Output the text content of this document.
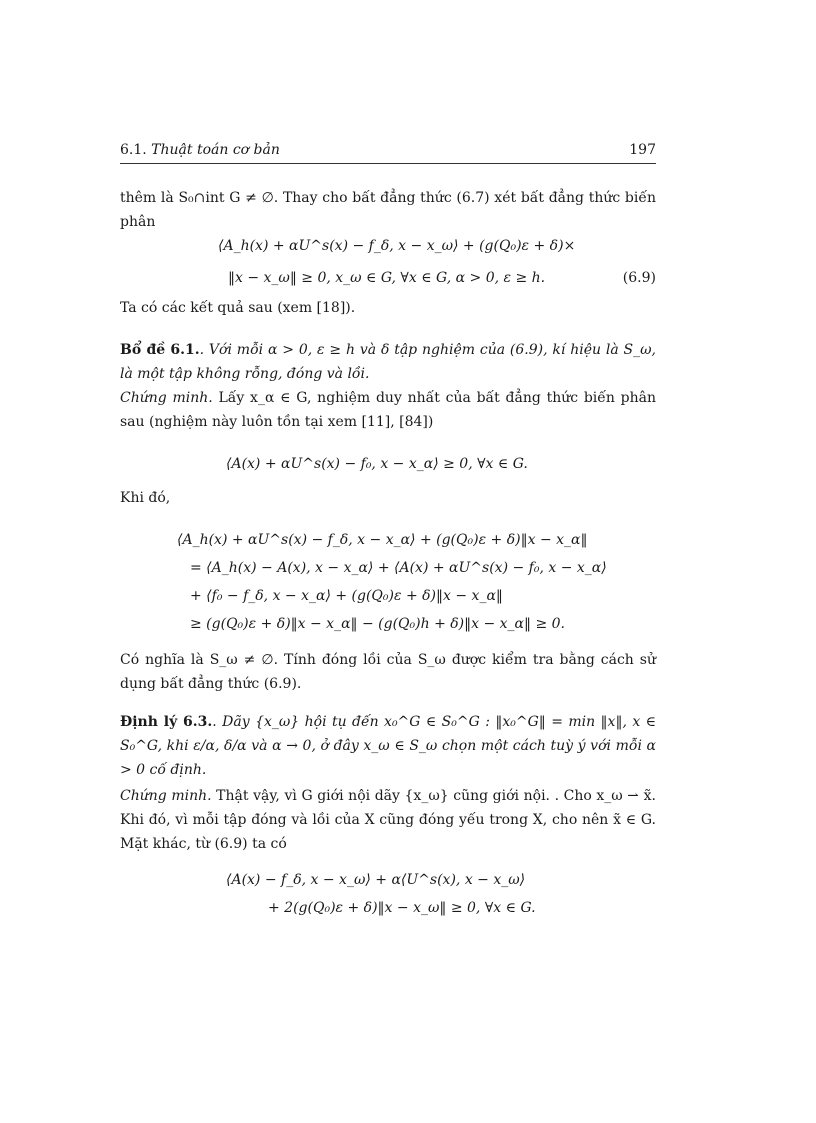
6.1. Thuật toán cơ bản	197

thêm là S₀∩int G ≠ ∅. Thay cho bất đẳng thức (6.7) xét bất đẳng thức biến phân

⟨A_h(x) + αU^s(x) − f_δ, x − x_ω⟩ + (g(Q₀)ε + δ)×
‖x − x_ω‖ ≥ 0, x_ω ∈ G, ∀x ∈ G, α > 0, ε ≥ h.	(6.9)

Ta có các kết quả sau (xem [18]).

Bổ đề 6.1.. Với mỗi α > 0, ε ≥ h và δ tập nghiệm của (6.9), kí hiệu là S_ω, là một tập không rỗng, đóng và lồi.

Chứng minh. Lấy x_α ∈ G, nghiệm duy nhất của bất đẳng thức biến phân sau (nghiệm này luôn tồn tại xem [11], [84])

⟨A(x) + αU^s(x) − f₀, x − x_α⟩ ≥ 0, ∀x ∈ G.

Khi đó,

⟨A_h(x) + αU^s(x) − f_δ, x − x_α⟩ + (g(Q₀)ε + δ)‖x − x_α‖
= ⟨A_h(x) − A(x), x − x_α⟩ + ⟨A(x) + αU^s(x) − f₀, x − x_α⟩
+ ⟨f₀ − f_δ, x − x_α⟩ + (g(Q₀)ε + δ)‖x − x_α‖
≥ (g(Q₀)ε + δ)‖x − x_α‖ − (g(Q₀)h + δ)‖x − x_α‖ ≥ 0.

Có nghĩa là S_ω ≠ ∅. Tính đóng lồi của S_ω được kiểm tra bằng cách sử dụng bất đẳng thức (6.9).

Định lý 6.3.. Dãy {x_ω} hội tụ đến x₀^G ∈ S₀^G : ‖x₀^G‖ = min ‖x‖, x ∈ S₀^G, khi ε/α, δ/α và α → 0, ở đây x_ω ∈ S_ω chọn một cách tuỳ ý với mỗi α > 0 cố định.

Chứng minh. Thật vậy, vì G giới nội dãy {x_ω} cũng giới nội. . Cho x_ω ⇀ x̃. Khi đó, vì mỗi tập đóng và lồi của X cũng đóng yếu trong X, cho nên x̃ ∈ G. Mặt khác, từ (6.9) ta có

⟨A(x) − f_δ, x − x_ω⟩ + α⟨U^s(x), x − x_ω⟩
+ 2(g(Q₀)ε + δ)‖x − x_ω‖ ≥ 0, ∀x ∈ G.
